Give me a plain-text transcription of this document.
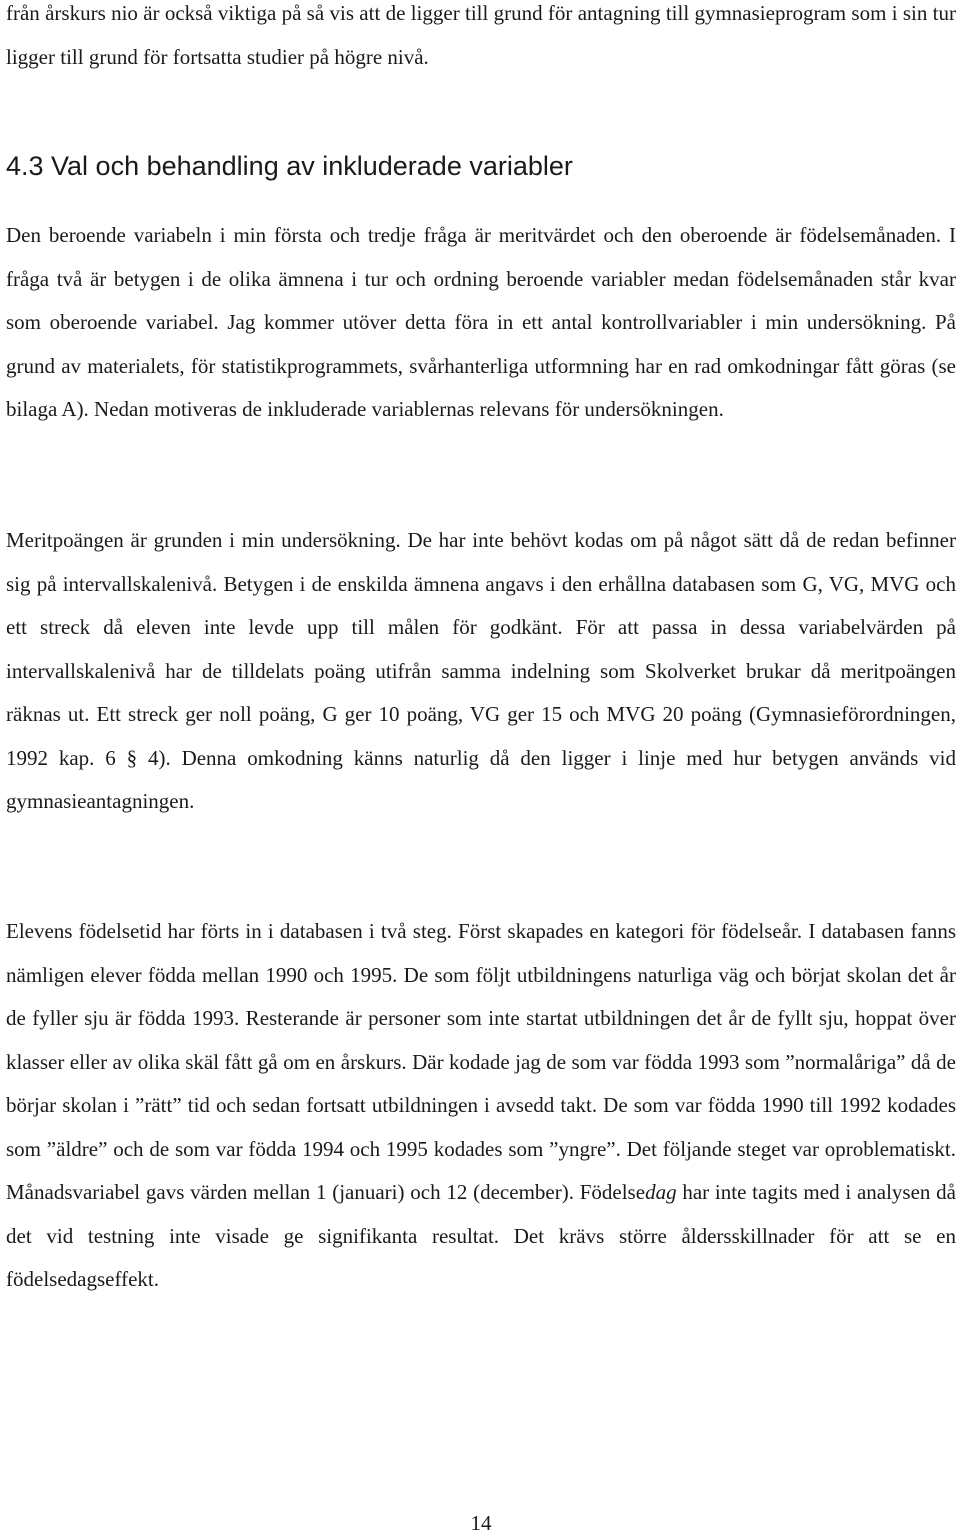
från årskurs nio är också viktiga på så vis att de ligger till grund för antagning till gymnasieprogram som i sin tur ligger till grund för fortsatta studier på högre nivå.

4.3 Val och behandling av inkluderade variabler

Den beroende variabeln i min första och tredje fråga är meritvärdet och den oberoende är födelsemånaden. I fråga två är betygen i de olika ämnena i tur och ordning beroende variabler medan födelsemånaden står kvar som oberoende variabel. Jag kommer utöver detta föra in ett antal kontrollvariabler i min undersökning. På grund av materialets, för statistikprogrammets, svårhanterliga utformning har en rad omkodningar fått göras (se bilaga A). Nedan motiveras de inkluderade variablernas relevans för undersökningen.

Meritpoängen är grunden i min undersökning. De har inte behövt kodas om på något sätt då de redan befinner sig på intervallskalenivå. Betygen i de enskilda ämnena angavs i den erhållna databasen som G, VG, MVG och ett streck då eleven inte levde upp till målen för godkänt. För att passa in dessa variabelvärden på intervallskalenivå har de tilldelats poäng utifrån samma indelning som Skolverket brukar då meritpoängen räknas ut. Ett streck ger noll poäng, G ger 10 poäng, VG ger 15 och MVG 20 poäng (Gymnasieförordningen, 1992 kap. 6 § 4). Denna omkodning känns naturlig då den ligger i linje med hur betygen används vid gymnasieantagningen.

Elevens födelsetid har förts in i databasen i två steg. Först skapades en kategori för födelseår. I databasen fanns nämligen elever födda mellan 1990 och 1995. De som följt utbildningens naturliga väg och börjat skolan det år de fyller sju är födda 1993. Resterande är personer som inte startat utbildningen det år de fyllt sju, hoppat över klasser eller av olika skäl fått gå om en årskurs. Där kodade jag de som var födda 1993 som ”normalåriga” då de börjar skolan i ”rätt” tid och sedan fortsatt utbildningen i avsedd takt. De som var födda 1990 till 1992 kodades som ”äldre” och de som var födda 1994 och 1995 kodades som ”yngre”. Det följande steget var oproblematiskt. Månadsvariabel gavs värden mellan 1 (januari) och 12 (december). Födelsedag har inte tagits med i analysen då det vid testning inte visade ge signifikanta resultat. Det krävs större åldersskillnader för att se en födelsedagseffekt.

14
